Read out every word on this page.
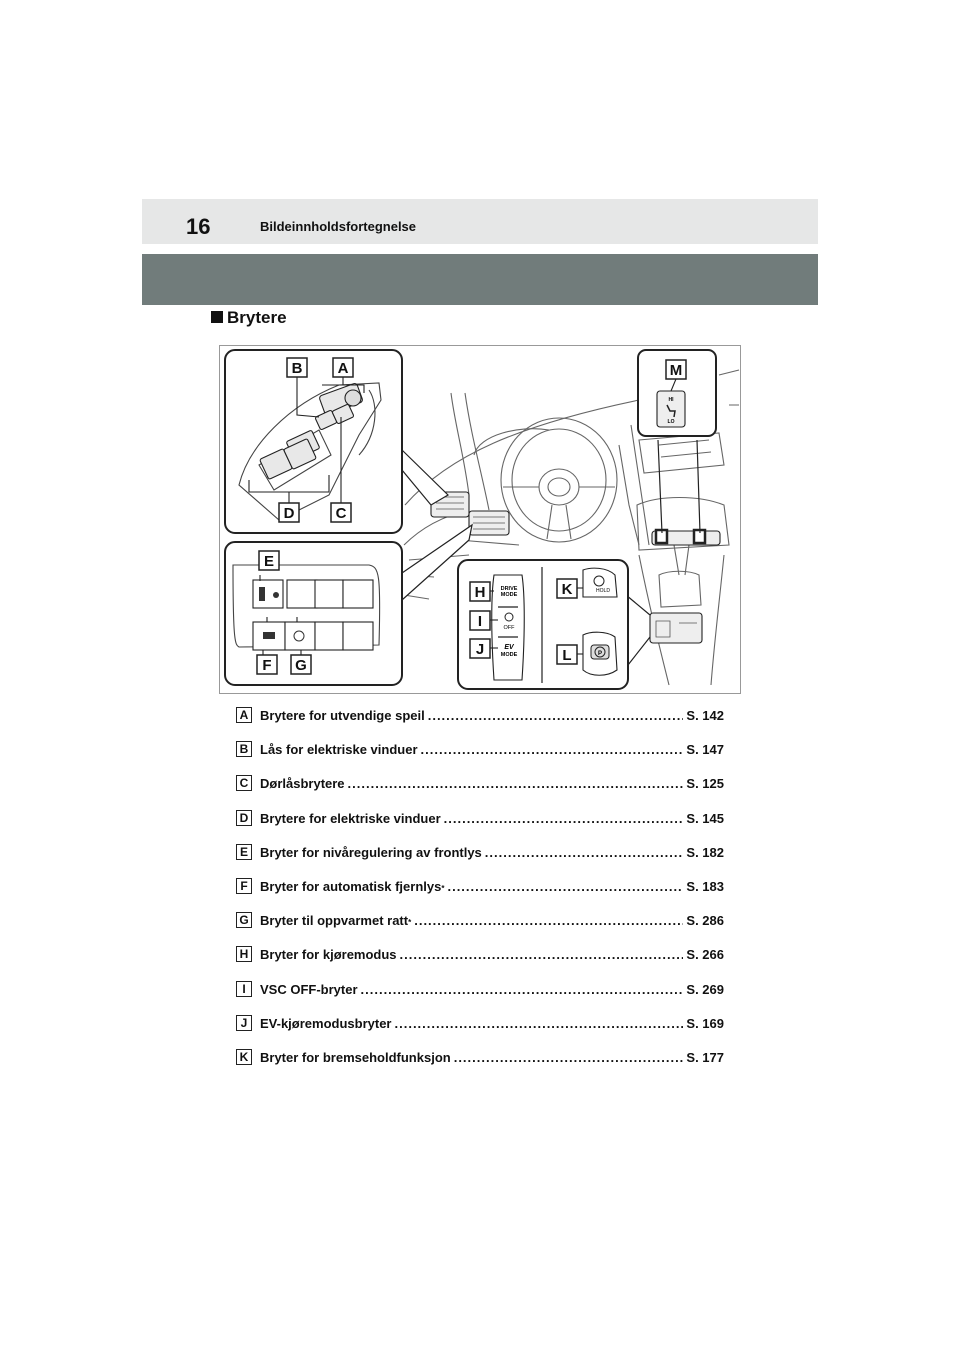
16	Bildeinnholdsfortegnelse
Brytere
HI
LO
DRIVE
MODE
OFF
EV
MODE
HOLD
P
A
B
C
D
E
F G
H
I
J
K
L
M
A Brytere for utvendige speil .....	S. 142
B Lås for elektriske vinduer .....	S. 147
C Dørlåsbrytere .....	S. 125
D Brytere for elektriske vinduer .....	S. 145
E Bryter for nivåregulering av frontlys .....	S. 182
F Bryter for automatisk fjernlys * .....	S. 183
G Bryter til oppvarmet ratt * .....	S. 286
H Bryter for kjøremodus .....	S. 266
I	VSC OFF-bryter .....	S. 269
J EV-kjøremodusbryter .....	S. 169
K Bryter for bremseholdfunksjon .....	S. 177
